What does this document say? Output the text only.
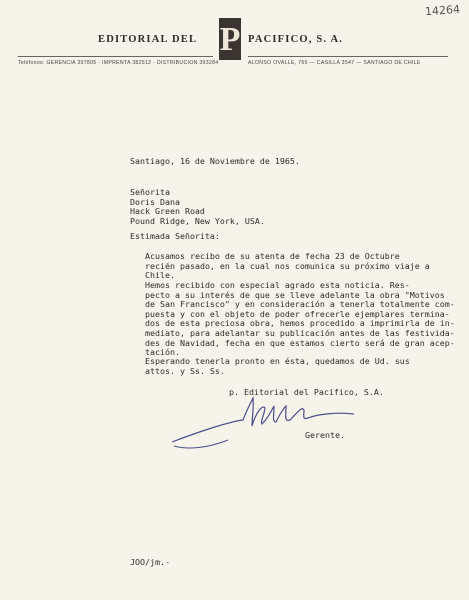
14264
EDITORIAL DEL P PACIFICO, S. A.
Teléfonos: GERENCIA 397805 - IMPRENTA 382512 - DISTRIBUCION 393284	ALONSO OVALLE, 766 — CASILLA 3547 — SANTIAGO DE CHILE
Santiago, 16 de Noviembre de 1965.
Señorita
Doris Dana
Hack Green Road
Pound Ridge, New York, USA.
Estimada Señorita:
Acusamos recibo de su atenta de fecha 23 de Octubre
recién pasado, en la cual nos comunica su próximo viaje a
Chile.
Hemos recibido con especial agrado esta noticia. Res-
pecto a su interés de que se lleve adelante la obra "Motivos
de San Francisco" y en consideración a tenerla totalmente com-
puesta y con el objeto de poder ofrecerle ejemplares termina-
dos de esta preciosa obra, hemos procedido a imprimirla de in-
mediato, para adelantar su publicación antes de las festivida-
des de Navidad, fecha en que estamos cierto será de gran acep-
tación.
Esperando tenerla pronto en ésta, quedamos de Ud. sus
attos. y Ss. Ss.
p. Editorial del Pacifico, S.A.
Gerente.
JOO/jm.-
